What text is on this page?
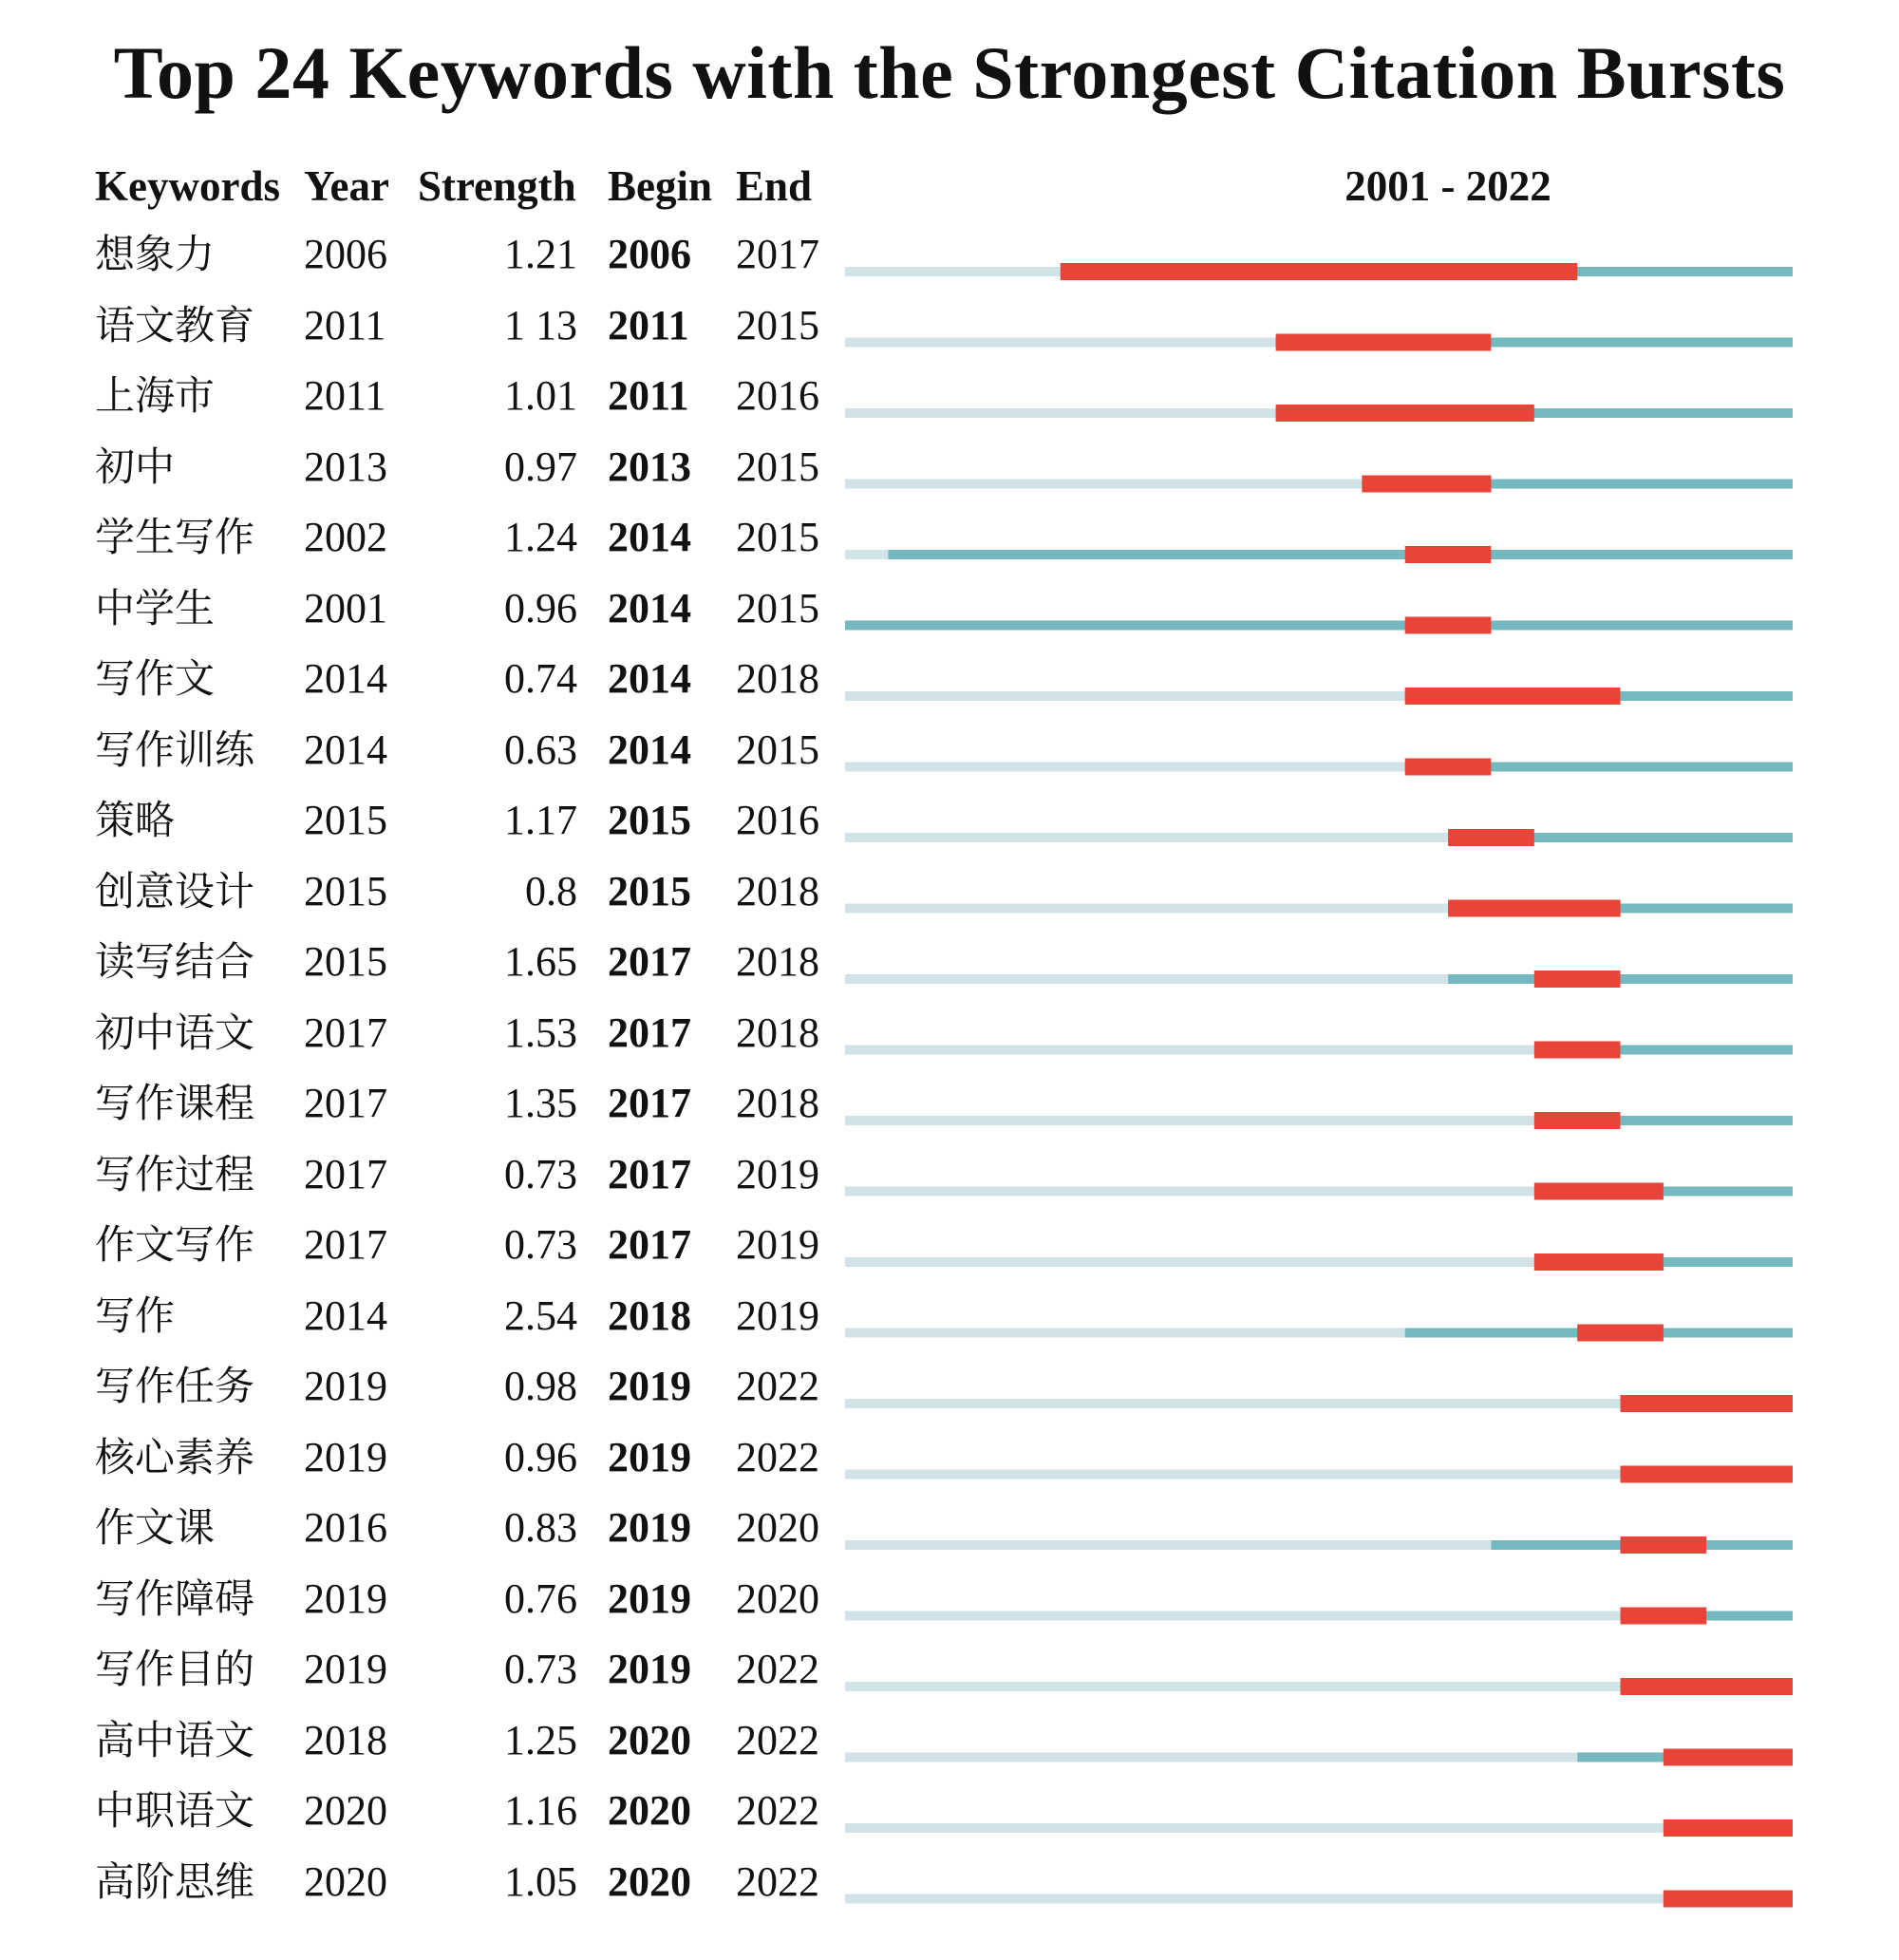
Top 24 Keywords with the Strongest Citation Bursts
Keywords Year Strength Begin End	2001 - 2022
想象力 2006	1.21 2006 2017
语文教育 2011	1 13 2011 2015
上海市 2011	1.01 2011 2016
初中	2013	0.97 2013 2015
学生写作 2002	1.24 2014 2015
中学生 2001	0.96 2014 2015
写作文 2014	0.74 2014 2018
写作训练 2014	0.63 2014 2015
策略	2015	1.17 2015 2016
创意设计 2015	0.8 2015 2018
读写结合 2015	1.65 2017 2018
初中语文 2017	1.53 2017 2018
写作课程 2017	1.35 2017 2018
写作过程 2017	0.73 2017 2019
作文写作 2017	0.73 2017 2019
写作	2014	2.54 2018 2019
写作任务 2019	0.98 2019 2022
核心素养 2019	0.96 2019 2022
作文课 2016	0.83 2019 2020
写作障碍 2019	0.76 2019 2020
写作目的 2019	0.73 2019 2022
高中语文 2018	1.25 2020 2022
中职语文 2020	1.16 2020 2022
高阶思维 2020	1.05 2020 2022
